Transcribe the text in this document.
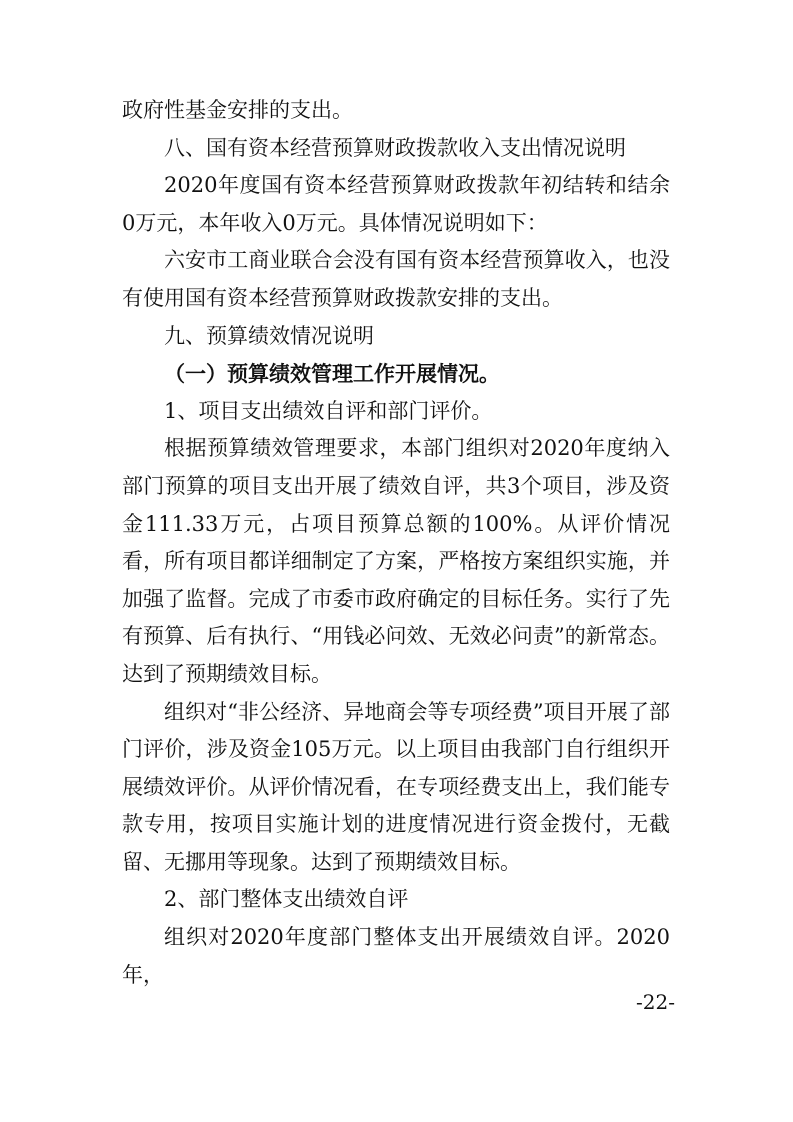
政府性基金安排的支出。

八、国有资本经营预算财政拨款收入支出情况说明

2020年度国有资本经营预算财政拨款年初结转和结余0万元，本年收入0万元。具体情况说明如下：

六安市工商业联合会没有国有资本经营预算收入，也没有使用国有资本经营预算财政拨款安排的支出。

九、预算绩效情况说明

（一）预算绩效管理工作开展情况。

1、项目支出绩效自评和部门评价。

根据预算绩效管理要求，本部门组织对2020年度纳入部门预算的项目支出开展了绩效自评，共3个项目，涉及资金111.33万元，占项目预算总额的100%。从评价情况看，所有项目都详细制定了方案，严格按方案组织实施，并加强了监督。完成了市委市政府确定的目标任务。实行了先有预算、后有执行、“用钱必问效、无效必问责”的新常态。达到了预期绩效目标。

组织对“非公经济、异地商会等专项经费”项目开展了部门评价，涉及资金105万元。以上项目由我部门自行组织开展绩效评价。从评价情况看，在专项经费支出上，我们能专款专用，按项目实施计划的进度情况进行资金拨付，无截留、无挪用等现象。达到了预期绩效目标。

2、部门整体支出绩效自评

组织对2020年度部门整体支出开展绩效自评。2020年，

-22-
